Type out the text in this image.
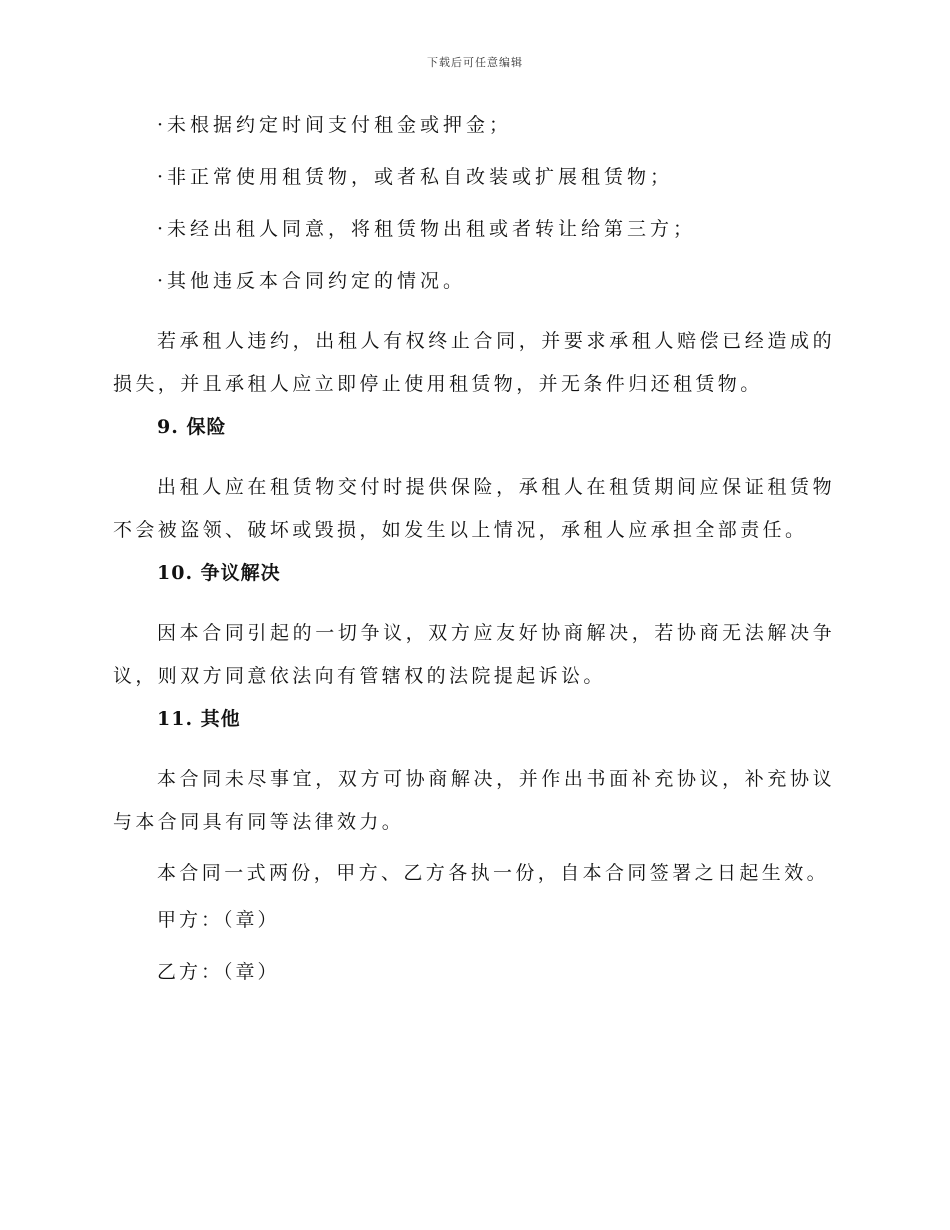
下载后可任意编辑

·未根据约定时间支付租金或押金；

·非正常使用租赁物，或者私自改装或扩展租赁物；

·未经出租人同意，将租赁物出租或者转让给第三方；

·其他违反本合同约定的情况。

若承租人违约，出租人有权终止合同，并要求承租人赔偿已经造成的损失，并且承租人应立即停止使用租赁物，并无条件归还租赁物。

9. 保险

出租人应在租赁物交付时提供保险，承租人在租赁期间应保证租赁物不会被盗领、破坏或毁损，如发生以上情况，承租人应承担全部责任。

10. 争议解决

因本合同引起的一切争议，双方应友好协商解决，若协商无法解决争议，则双方同意依法向有管辖权的法院提起诉讼。

11. 其他

本合同未尽事宜，双方可协商解决，并作出书面补充协议，补充协议与本合同具有同等法律效力。

本合同一式两份，甲方、乙方各执一份，自本合同签署之日起生效。

甲方：（章）

乙方：（章）
